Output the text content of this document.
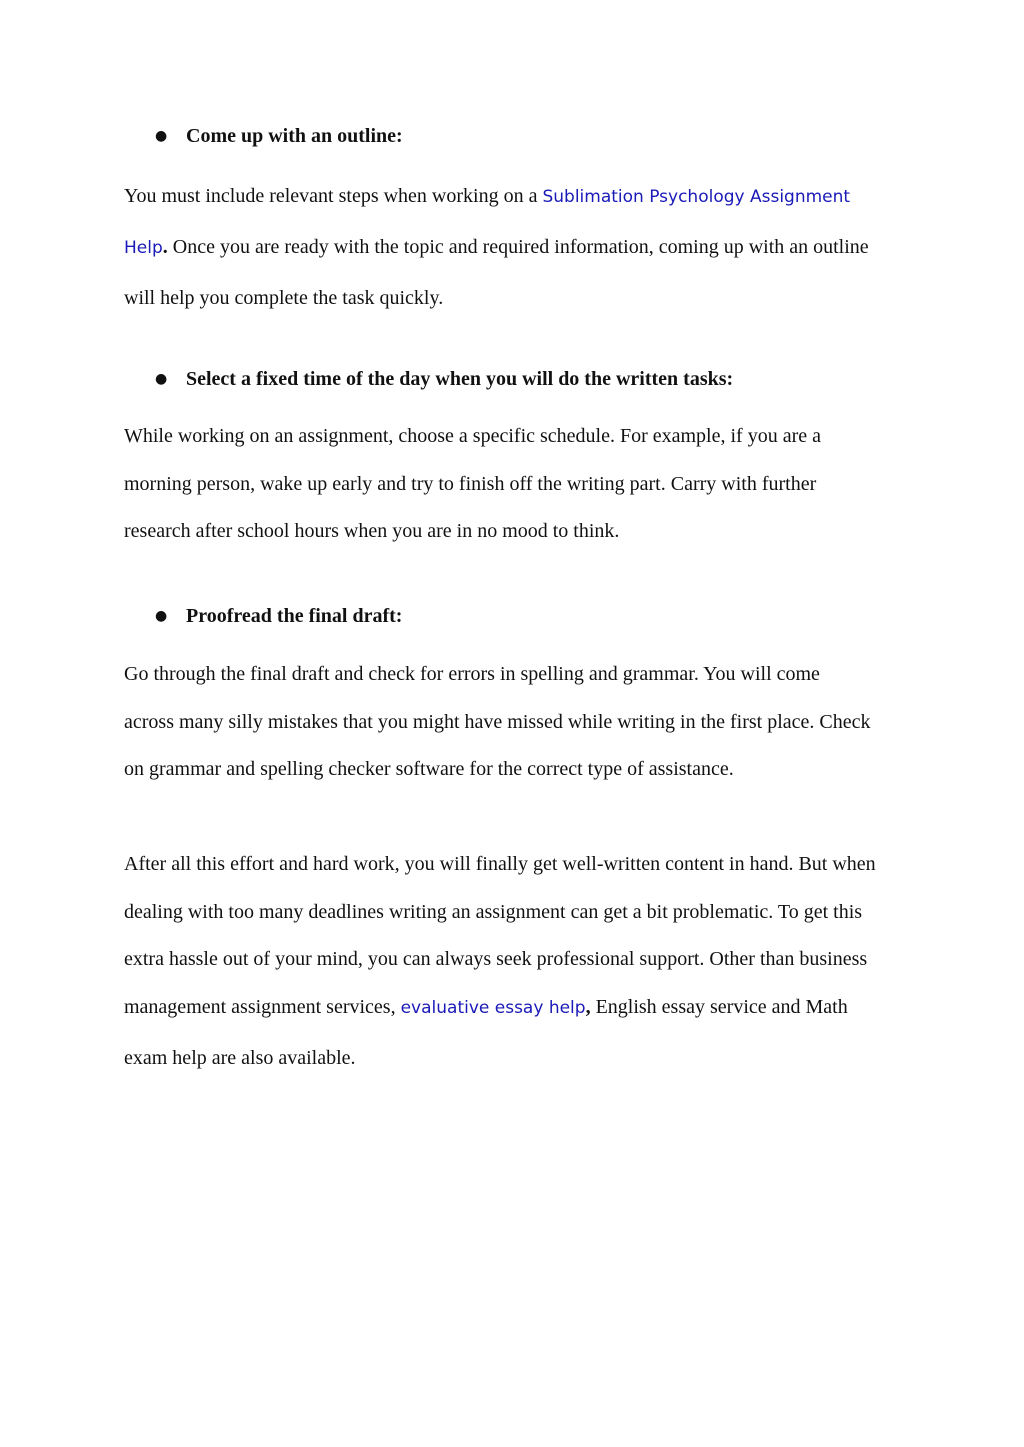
● Come up with an outline:

You must include relevant steps when working on a Sublimation Psychology Assignment
Help. Once you are ready with the topic and required information, coming up with an outline
will help you complete the task quickly.

● Select a fixed time of the day when you will do the written tasks:

While working on an assignment, choose a specific schedule. For example, if you are a
morning person, wake up early and try to finish off the writing part. Carry with further
research after school hours when you are in no mood to think.

● Proofread the final draft:

Go through the final draft and check for errors in spelling and grammar. You will come
across many silly mistakes that you might have missed while writing in the first place. Check
on grammar and spelling checker software for the correct type of assistance.

After all this effort and hard work, you will finally get well-written content in hand. But when
dealing with too many deadlines writing an assignment can get a bit problematic. To get this
extra hassle out of your mind, you can always seek professional support. Other than business
management assignment services, evaluative essay help, English essay service and Math
exam help are also available.
